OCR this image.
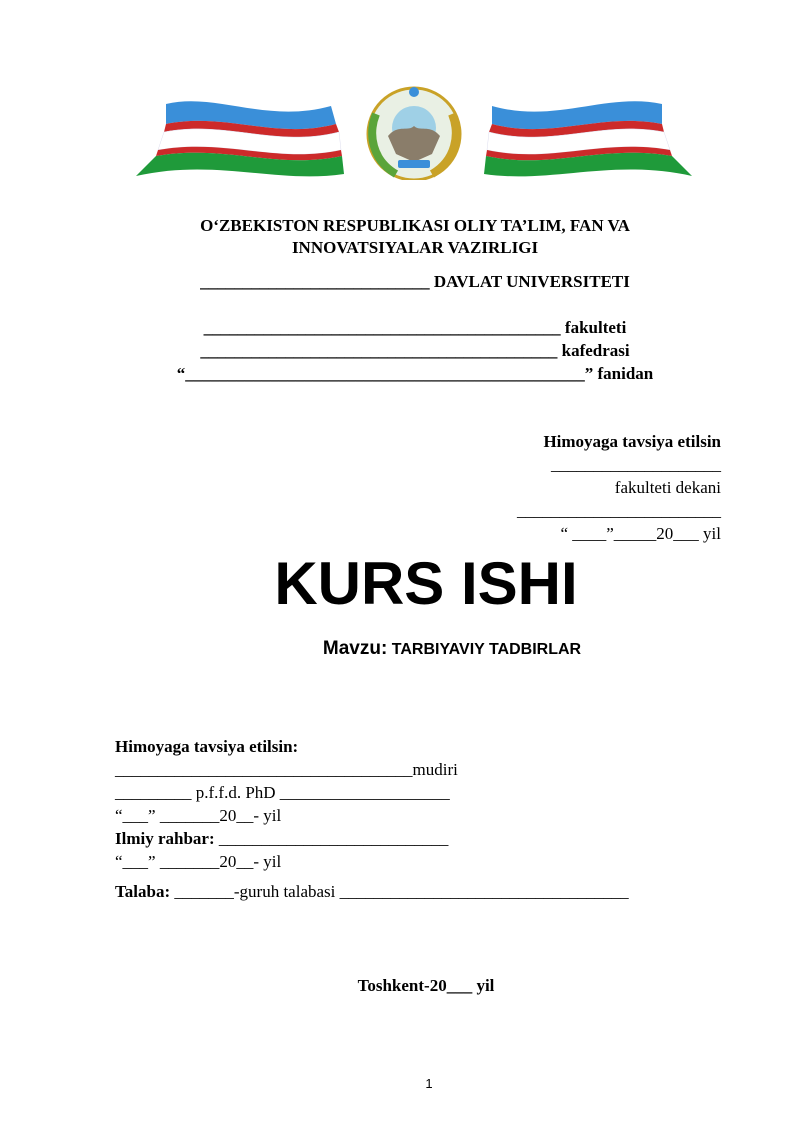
O‘ZBEKISTON RESPUBLIKASI OLIY TA’LIM, FAN VA
INNOVATSIYALAR VAZIRLIGI
___________________________ DAVLAT UNIVERSITETI
__________________________________________ fakulteti
__________________________________________ kafedrasi
“_______________________________________________” fanidan
Himoyaga tavsiya etilsin
____________________
fakulteti dekani
________________________
“ ____”_____20___ yil
KURS ISHI
Mavzu: TARBIYAVIY TADBIRLAR
Himoyaga tavsiya etilsin:
___________________________________mudiri
_________ p.f.f.d. PhD ____________________
“___” _______20__- yil
Ilmiy rahbar: ___________________________
“___” _______20__- yil
Talaba: _______-guruh talabasi __________________________________
Toshkent-20___ yil
1
